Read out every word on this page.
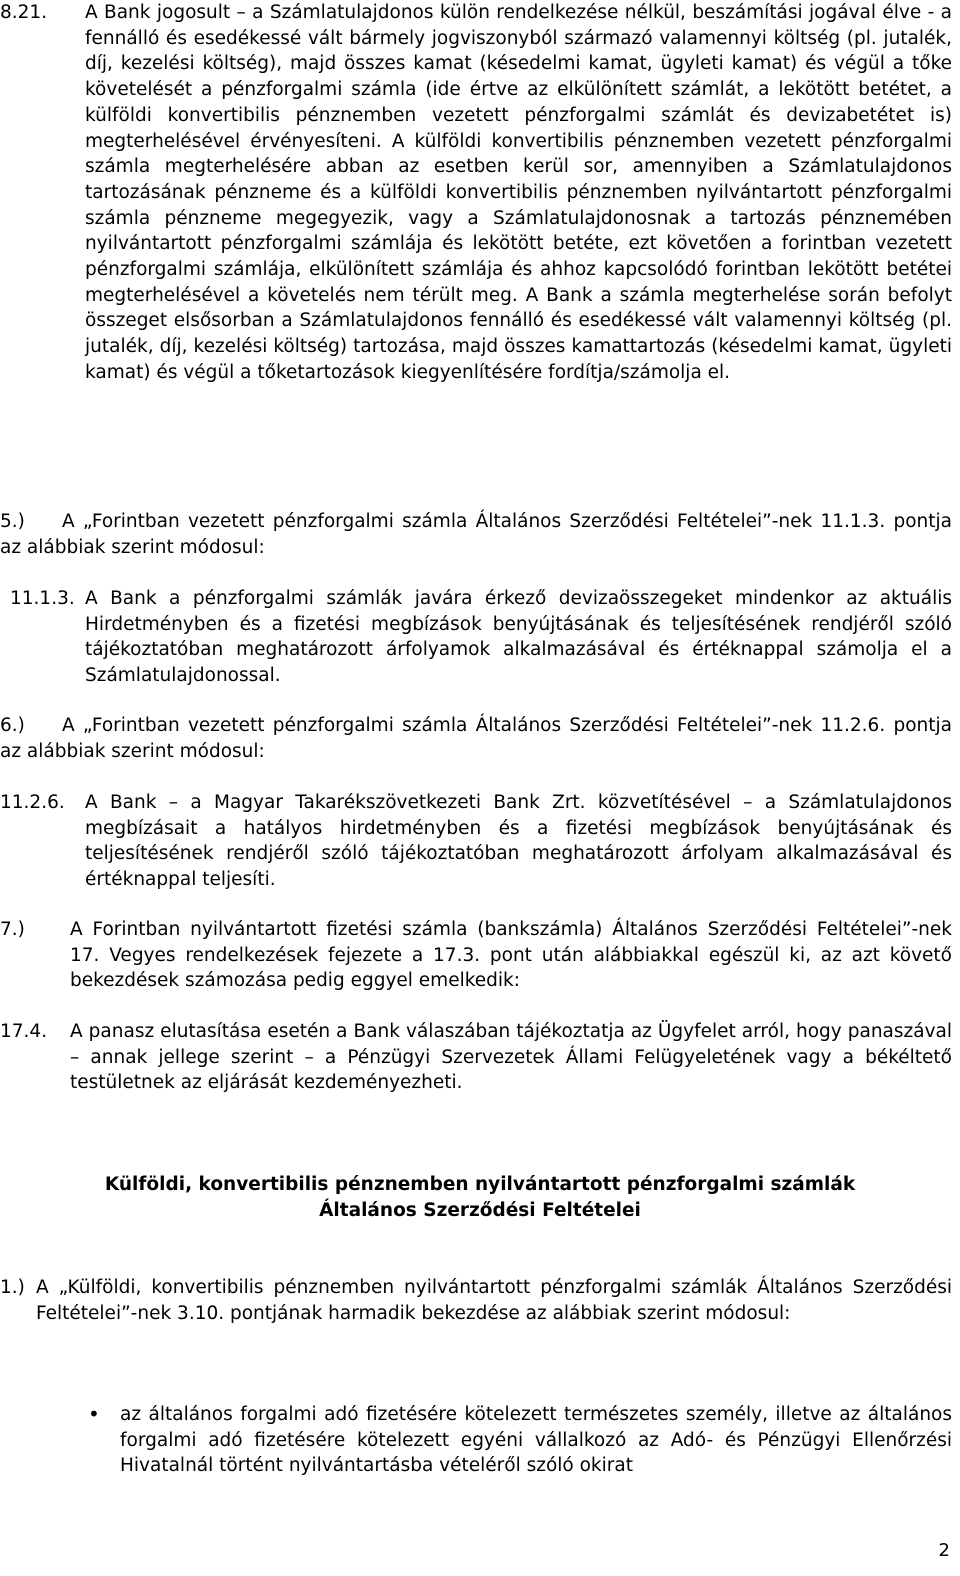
8.21. A Bank jogosult – a Számlatulajdonos külön rendelkezése nélkül, beszámítási jogával élve - a fennálló és esedékessé vált bármely jogviszonyból származó valamennyi költség (pl. jutalék, díj, kezelési költség), majd összes kamat (késedelmi kamat, ügyleti kamat) és végül a tőke követelését a pénzforgalmi számla (ide értve az elkülönített számlát, a lekötött betétet, a külföldi konvertibilis pénznemben vezetett pénzforgalmi számlát és devizabetétet is) megterhelésével érvényesíteni. A külföldi konvertibilis pénznemben vezetett pénzforgalmi számla megterhelésére abban az esetben kerül sor, amennyiben a Számlatulajdonos tartozásának pénzneme és a külföldi konvertibilis pénznemben nyilvántartott pénzforgalmi számla pénzneme megegyezik, vagy a Számlatulajdonosnak a tartozás pénznemében nyilvántartott pénzforgalmi számlája és lekötött betéte, ezt követően a forintban vezetett pénzforgalmi számlája, elkülönített számlája és ahhoz kapcsolódó forintban lekötött betétei megterhelésével a követelés nem térült meg. A Bank a számla megterhelése során befolyt összeget elsősorban a Számlatulajdonos fennálló és esedékessé vált valamennyi költség (pl. jutalék, díj, kezelési költség) tartozása, majd összes kamattartozás (késedelmi kamat, ügyleti kamat) és végül a tőketartozások kiegyenlítésére fordítja/számolja el.
5.)	A „Forintban vezetett pénzforgalmi számla Általános Szerződési Feltételei”-nek 11.1.3. pontja az alábbiak szerint módosul:
11.1.3. A Bank a pénzforgalmi számlák javára érkező devizaösszegeket mindenkor az aktuális Hirdetményben és a fizetési megbízások benyújtásának és teljesítésének rendjéről szóló tájékoztatóban meghatározott árfolyamok alkalmazásával és értéknappal számolja el a Számlatulajdonossal.
6.)	A „Forintban vezetett pénzforgalmi számla Általános Szerződési Feltételei”-nek 11.2.6. pontja az alábbiak szerint módosul:
11.2.6. A Bank – a Magyar Takarékszövetkezeti Bank Zrt. közvetítésével – a Számlatulajdonos megbízásait a hatályos hirdetményben és a fizetési megbízások benyújtásának és teljesítésének rendjéről szóló tájékoztatóban meghatározott árfolyam alkalmazásával és értéknappal teljesíti.
7.) A Forintban nyilvántartott fizetési számla (bankszámla) Általános Szerződési Feltételei”-nek 17. Vegyes rendelkezések fejezete a 17.3. pont után alábbiakkal egészül ki, az azt követő bekezdések számozása pedig eggyel emelkedik:
17.4. A panasz elutasítása esetén a Bank válaszában tájékoztatja az Ügyfelet arról, hogy panaszával – annak jellege szerint – a Pénzügyi Szervezetek Állami Felügyeletének vagy a békéltető testületnek az eljárását kezdeményezheti.
Külföldi, konvertibilis pénznemben nyilvántartott pénzforgalmi számlák
Általános Szerződési Feltételei
1.) A „Külföldi, konvertibilis pénznemben nyilvántartott pénzforgalmi számlák Általános Szerződési Feltételei”-nek 3.10. pontjának harmadik bekezdése az alábbiak szerint módosul:
• az általános forgalmi adó fizetésére kötelezett természetes személy, illetve az általános forgalmi adó fizetésére kötelezett egyéni vállalkozó az Adó- és Pénzügyi Ellenőrzési Hivatalnál történt nyilvántartásba vételéről szóló okirat
2
